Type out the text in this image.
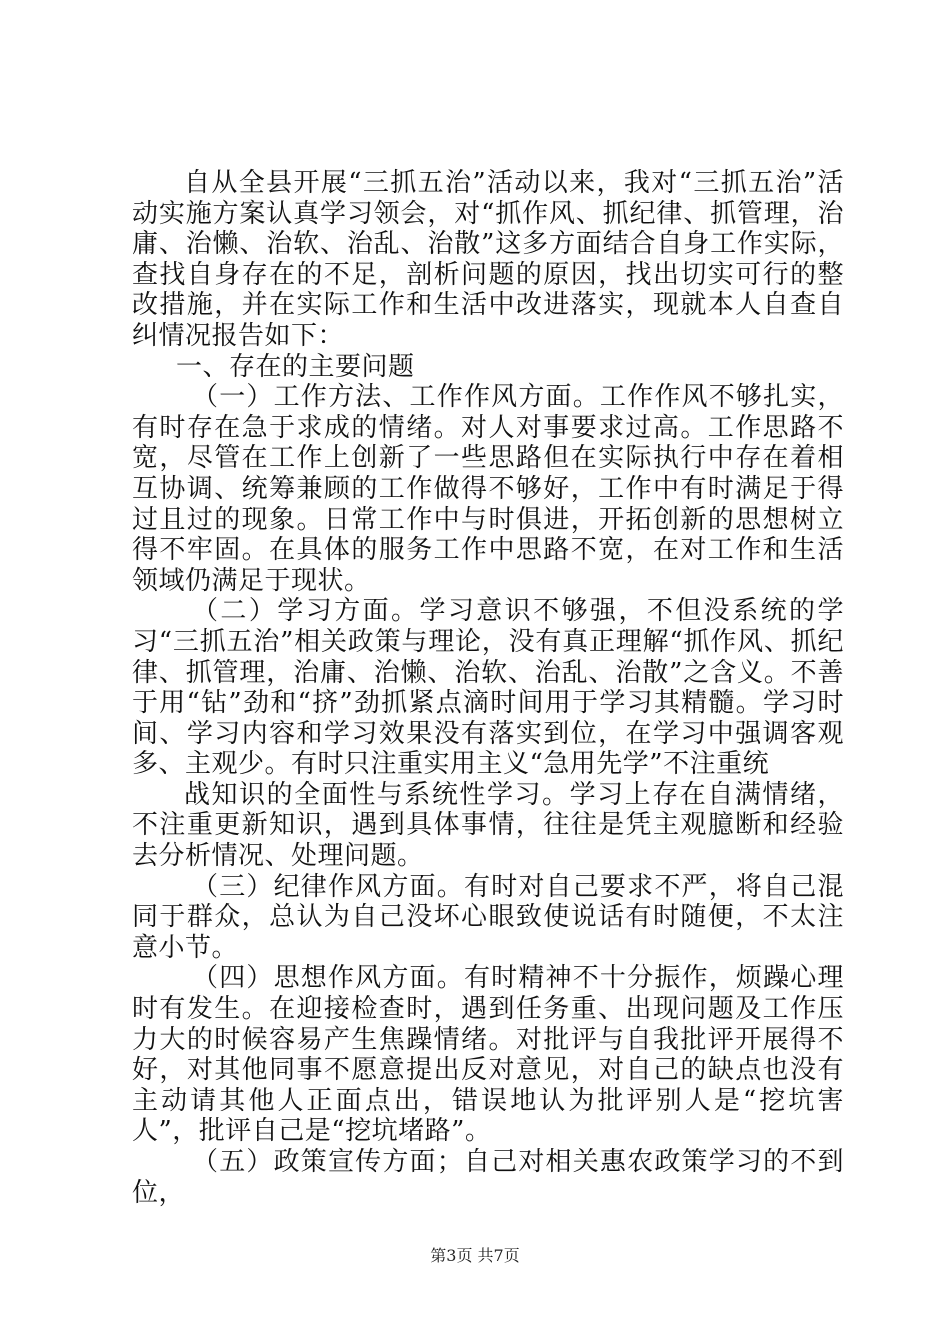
自从全县开展“三抓五治”活动以来，我对“三抓五治”活动实施方案认真学习领会，对“抓作风、抓纪律、抓管理，治庸、治懒、治软、治乱、治散”这多方面结合自身工作实际，查找自身存在的不足，剖析问题的原因，找出切实可行的整改措施，并在实际工作和生活中改进落实，现就本人自查自纠情况报告如下：

一、存在的主要问题

（一）工作方法、工作作风方面。工作作风不够扎实，有时存在急于求成的情绪。对人对事要求过高。工作思路不宽，尽管在工作上创新了一些思路但在实际执行中存在着相互协调、统筹兼顾的工作做得不够好，工作中有时满足于得过且过的现象。日常工作中与时俱进，开拓创新的思想树立得不牢固。在具体的服务工作中思路不宽，在对工作和生活领域仍满足于现状。

（二）学习方面。学习意识不够强，不但没系统的学习“三抓五治”相关政策与理论，没有真正理解“抓作风、抓纪律、抓管理，治庸、治懒、治软、治乱、治散”之含义。不善于用“钻”劲和“挤”劲抓紧点滴时间用于学习其精髓。学习时间、学习内容和学习效果没有落实到位，在学习中强调客观多、主观少。有时只注重实用主义“急用先学”不注重统

战知识的全面性与系统性学习。学习上存在自满情绪，不注重更新知识，遇到具体事情，往往是凭主观臆断和经验去分析情况、处理问题。

（三）纪律作风方面。有时对自己要求不严，将自己混同于群众，总认为自己没坏心眼致使说话有时随便，不太注意小节。

（四）思想作风方面。有时精神不十分振作，烦躁心理时有发生。在迎接检查时，遇到任务重、出现问题及工作压力大的时候容易产生焦躁情绪。对批评与自我批评开展得不好，对其他同事不愿意提出反对意见，对自己的缺点也没有主动请其他人正面点出，错误地认为批评别人是“挖坑害人”，批评自己是“挖坑堵路”。

（五）政策宣传方面；自己对相关惠农政策学习的不到位，

第3页 共7页
